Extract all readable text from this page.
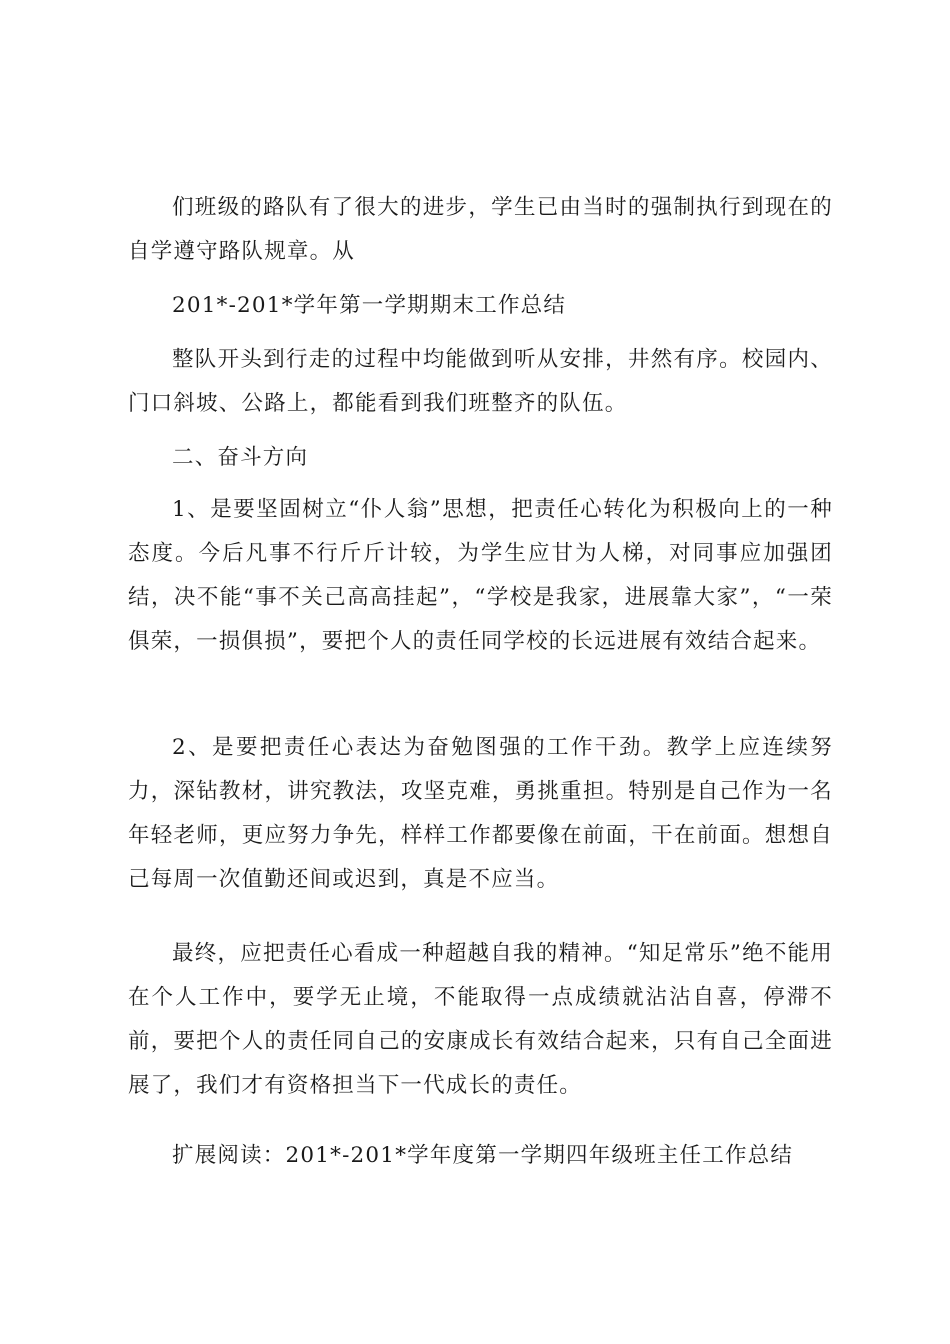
们班级的路队有了很大的进步，学生已由当时的强制执行到现在的自学遵守路队规章。从

201*-201*学年第一学期期末工作总结

整队开头到行走的过程中均能做到听从安排，井然有序。校园内、门口斜坡、公路上，都能看到我们班整齐的队伍。

二、奋斗方向

1、是要坚固树立“仆人翁”思想，把责任心转化为积极向上的一种态度。今后凡事不行斤斤计较，为学生应甘为人梯，对同事应加强团结，决不能“事不关己高高挂起”，“学校是我家，进展靠大家”，“一荣俱荣，一损俱损”，要把个人的责任同学校的长远进展有效结合起来。

2、是要把责任心表达为奋勉图强的工作干劲。教学上应连续努力，深钻教材，讲究教法，攻坚克难，勇挑重担。特别是自己作为一名年轻老师，更应努力争先，样样工作都要像在前面，干在前面。想想自己每周一次值勤还间或迟到，真是不应当。

最终，应把责任心看成一种超越自我的精神。“知足常乐”绝不能用在个人工作中，要学无止境，不能取得一点成绩就沾沾自喜，停滞不前，要把个人的责任同自己的安康成长有效结合起来，只有自己全面进展了，我们才有资格担当下一代成长的责任。

扩展阅读：201*-201*学年度第一学期四年级班主任工作总结
